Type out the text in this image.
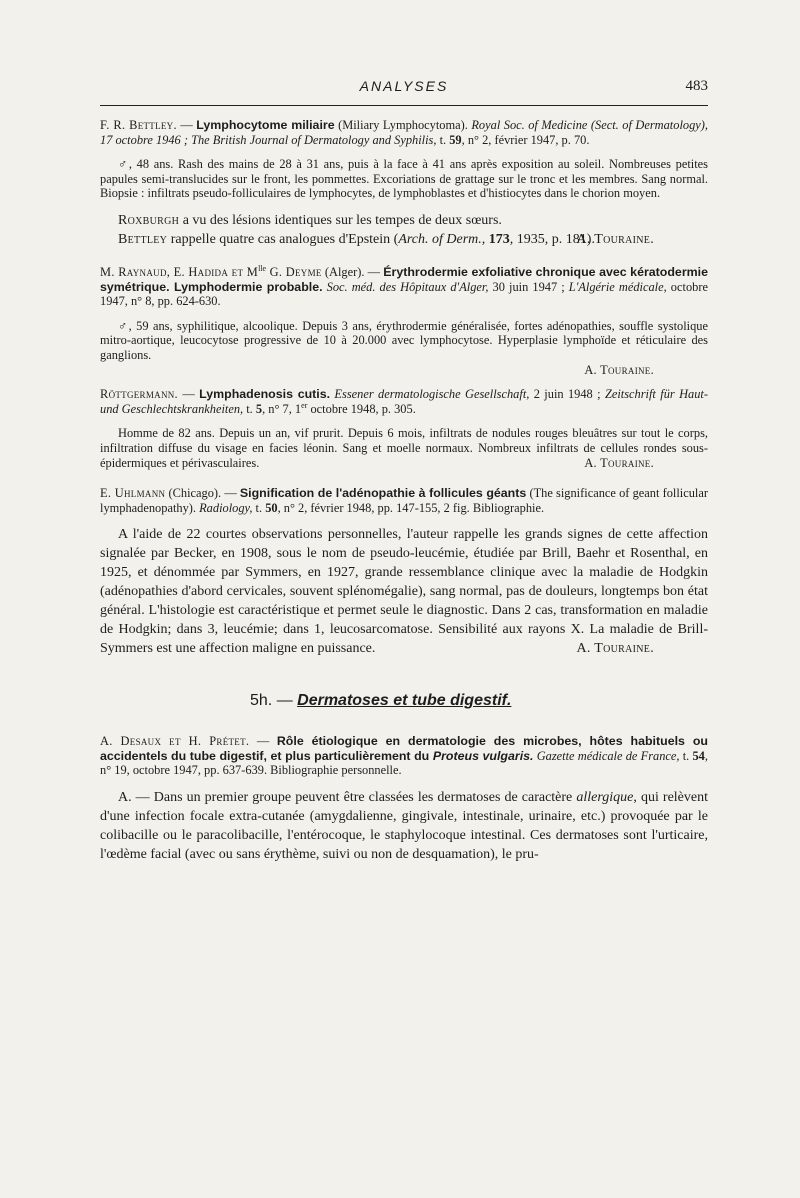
ANALYSES	483

F. R. Bettley. — Lymphocytome miliaire (Miliary Lymphocytoma). Royal Soc. of Medicine (Sect. of Dermatology), 17 octobre 1946 ; The British Journal of Dermatology and Syphilis, t. 59, n° 2, février 1947, p. 70.

♂, 48 ans. Rash des mains de 28 à 31 ans, puis à la face à 41 ans après exposition au soleil. Nombreuses petites papules semi-translucides sur le front, les pommettes. Excoriations de grattage sur le tronc et les membres. Sang normal. Biopsie : infiltrats pseudo-folliculaires de lymphocytes, de lymphoblastes et d'histiocytes dans le chorion moyen.

Roxburgh a vu des lésions identiques sur les tempes de deux sœurs.

Bettley rappelle quatre cas analogues d'Epstein (Arch. of Derm., 173, 1935, p. 181).

A. Touraine.

M. Raynaud, E. Hadida et $M^{lle}$ G. Deyme (Alger). — Érythrodermie exfoliative chronique avec kératodermie symétrique. Lymphodermie probable. Soc. méd. des Hôpitaux d'Alger, 30 juin 1947 ; L'Algérie médicale, octobre 1947, n° 8, pp. 624-630.

♂, 59 ans, syphilitique, alcoolique. Depuis 3 ans, érythrodermie généralisée, fortes adénopathies, souffle systolique mitro-aortique, leucocytose progressive de 10 à 20.000 avec lymphocytose. Hyperplasie lymphoïde et réticulaire des ganglions.

A. Touraine.

Röttgermann. — Lymphadenosis cutis. Essener dermatologische Gesellschaft, 2 juin 1948 ; Zeitschrift für Haut- und Geschlechtskrankheiten, t. 5, n° 7, 1er octobre 1948, p. 305.

Homme de 82 ans. Depuis un an, vif prurit. Depuis 6 mois, infiltrats de nodules rouges bleuâtres sur tout le corps, infiltration diffuse du visage en facies léonin. Sang et moelle normaux. Nombreux infiltrats de cellules rondes sous-épidermiques et périvasculaires.	A. Touraine.

E. Uhlmann (Chicago). — Signification de l'adénopathie à follicules géants (The significance of geant follicular lymphadenopathy). Radiology, t. 50, n° 2, février 1948, pp. 147-155, 2 fig. Bibliographie.

A l'aide de 22 courtes observations personnelles, l'auteur rappelle les grands signes de cette affection signalée par Becker, en 1908, sous le nom de pseudo-leucémie, étudiée par Brill, Baehr et Rosenthal, en 1925, et dénommée par Symmers, en 1927, grande ressemblance clinique avec la maladie de Hodgkin (adénopathies d'abord cervicales, souvent splénomégalie), sang normal, pas de douleurs, longtemps bon état général. L'histologie est caractéristique et permet seule le diagnostic. Dans 2 cas, transformation en maladie de Hodgkin; dans 3, leucémie; dans 1, leucosarcomatose. Sensibilité aux rayons X. La maladie de Brill-Symmers est une affection maligne en puissance.	A. Touraine.

5h. — Dermatoses et tube digestif.

A. Desaux et H. Prétet. — Rôle étiologique en dermatologie des microbes, hôtes habituels ou accidentels du tube digestif, et plus particulièrement du Proteus vulgaris. Gazette médicale de France, t. 54, n° 19, octobre 1947, pp. 637-639. Bibliographie personnelle.

A. — Dans un premier groupe peuvent être classées les dermatoses de caractère allergique, qui relèvent d'une infection focale extra-cutanée (amygdalienne, gingivale, intestinale, urinaire, etc.) provoquée par le colibacille ou le paracolibacille, l'entérocoque, le staphylocoque intestinal. Ces dermatoses sont l'urticaire, l'œdème facial (avec ou sans érythème, suivi ou non de desquamation), le pru-
